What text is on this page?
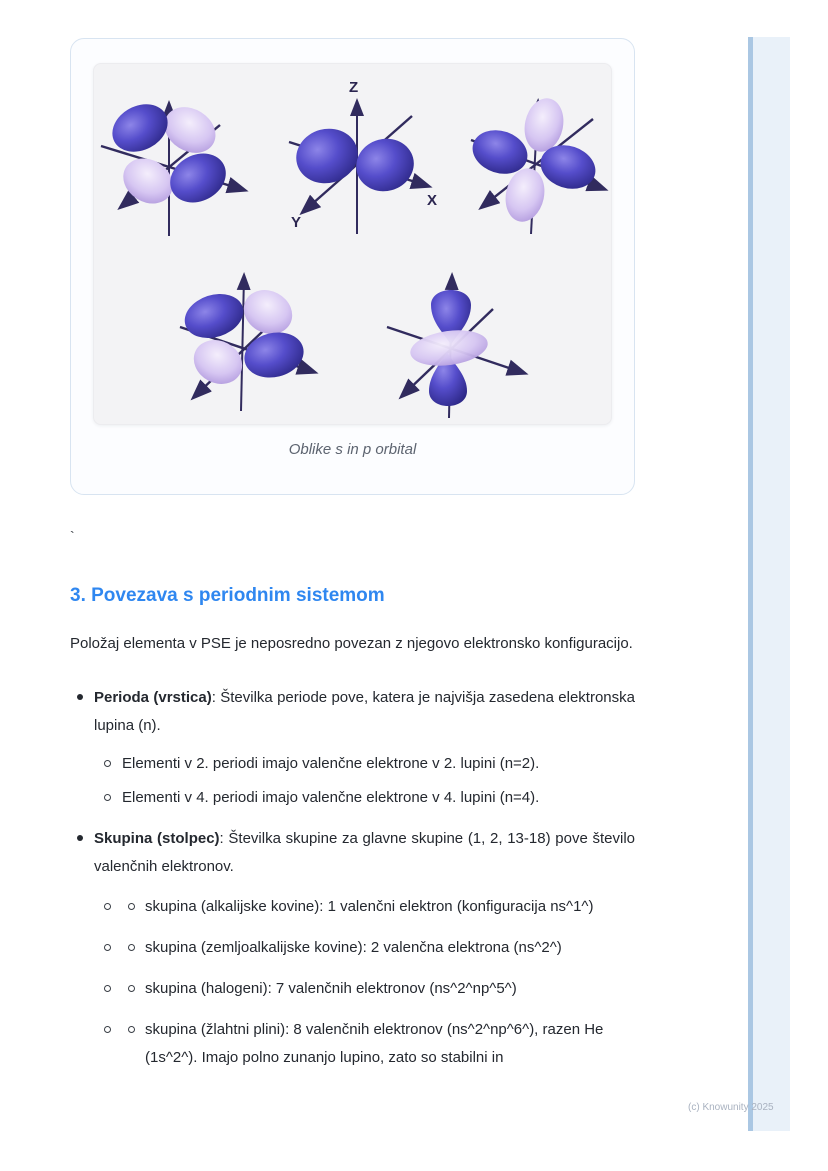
Z
X
Y
Oblike s in p orbital
`
3. Povezava s periodnim sistemom

Položaj elementa v PSE je neposredno povezan z njegovo elektronsko konfiguracijo.

Perioda (vrstica): Številka periode pove, katera je najvišja zasedena elektronska lupina (n).
Elementi v 2. periodi imajo valenčne elektrone v 2. lupini (n=2).
Elementi v 4. periodi imajo valenčne elektrone v 4. lupini (n=4).
Skupina (stolpec): Številka skupine za glavne skupine (1, 2, 13-18) pove število valenčnih elektronov.
skupina (alkalijske kovine): 1 valenčni elektron (konfiguracija ns^1^)
skupina (zemljoalkalijske kovine): 2 valenčna elektrona (ns^2^)
skupina (halogeni): 7 valenčnih elektronov (ns^2^np^5^)
skupina (žlahtni plini): 8 valenčnih elektronov (ns^2^np^6^), razen He (1s^2^). Imajo polno zunanjo lupino, zato so stabilni in
(c) Knowunity 2025
